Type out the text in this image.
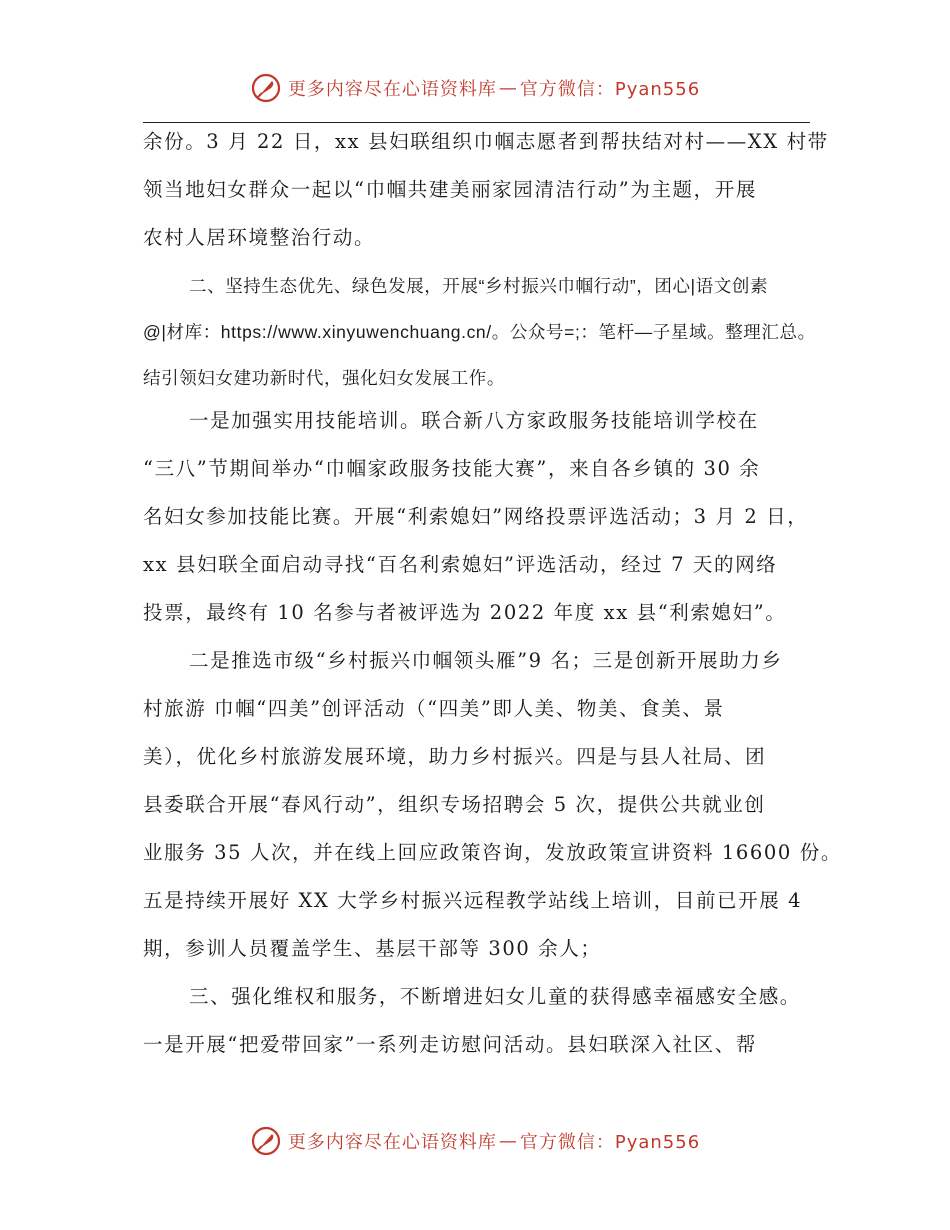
更多内容尽在心语资料库 — 官方微信：Pyan556
余份。3 月 22 日，xx 县妇联组织巾帼志愿者到帮扶结对村——XX 村带
领当地妇女群众一起以“巾帼共建美丽家园清洁行动”为主题，开展
农村人居环境整治行动。
二、坚持生态优先、绿色发展，开展“乡村振兴巾帼行动”，团心|语文创素
@|材库：https://www.xinyuwenchuang.cn/。公众号=;：笔杆—子星域。整理汇总。
结引领妇女建功新时代，强化妇女发展工作。
一是加强实用技能培训。联合新八方家政服务技能培训学校在
“三八”节期间举办“巾帼家政服务技能大赛”，来自各乡镇的 30 余
名妇女参加技能比赛。开展“利索媳妇”网络投票评选活动；3 月 2 日，
xx 县妇联全面启动寻找“百名利索媳妇”评选活动，经过 7 天的网络
投票，最终有 10 名参与者被评选为 2022 年度 xx 县“利索媳妇”。
二是推选市级“乡村振兴巾帼领头雁”9 名；三是创新开展助力乡
村旅游 巾帼“四美”创评活动（“四美”即人美、物美、食美、景
美），优化乡村旅游发展环境，助力乡村振兴。四是与县人社局、团
县委联合开展“春风行动”，组织专场招聘会 5 次，提供公共就业创
业服务 35 人次，并在线上回应政策咨询，发放政策宣讲资料 16600 份。
五是持续开展好 XX 大学乡村振兴远程教学站线上培训，目前已开展 4
期，参训人员覆盖学生、基层干部等 300 余人；
三、强化维权和服务，不断增进妇女儿童的获得感幸福感安全感。
一是开展“把爱带回家”一系列走访慰问活动。县妇联深入社区、帮
更多内容尽在心语资料库 — 官方微信：Pyan556
